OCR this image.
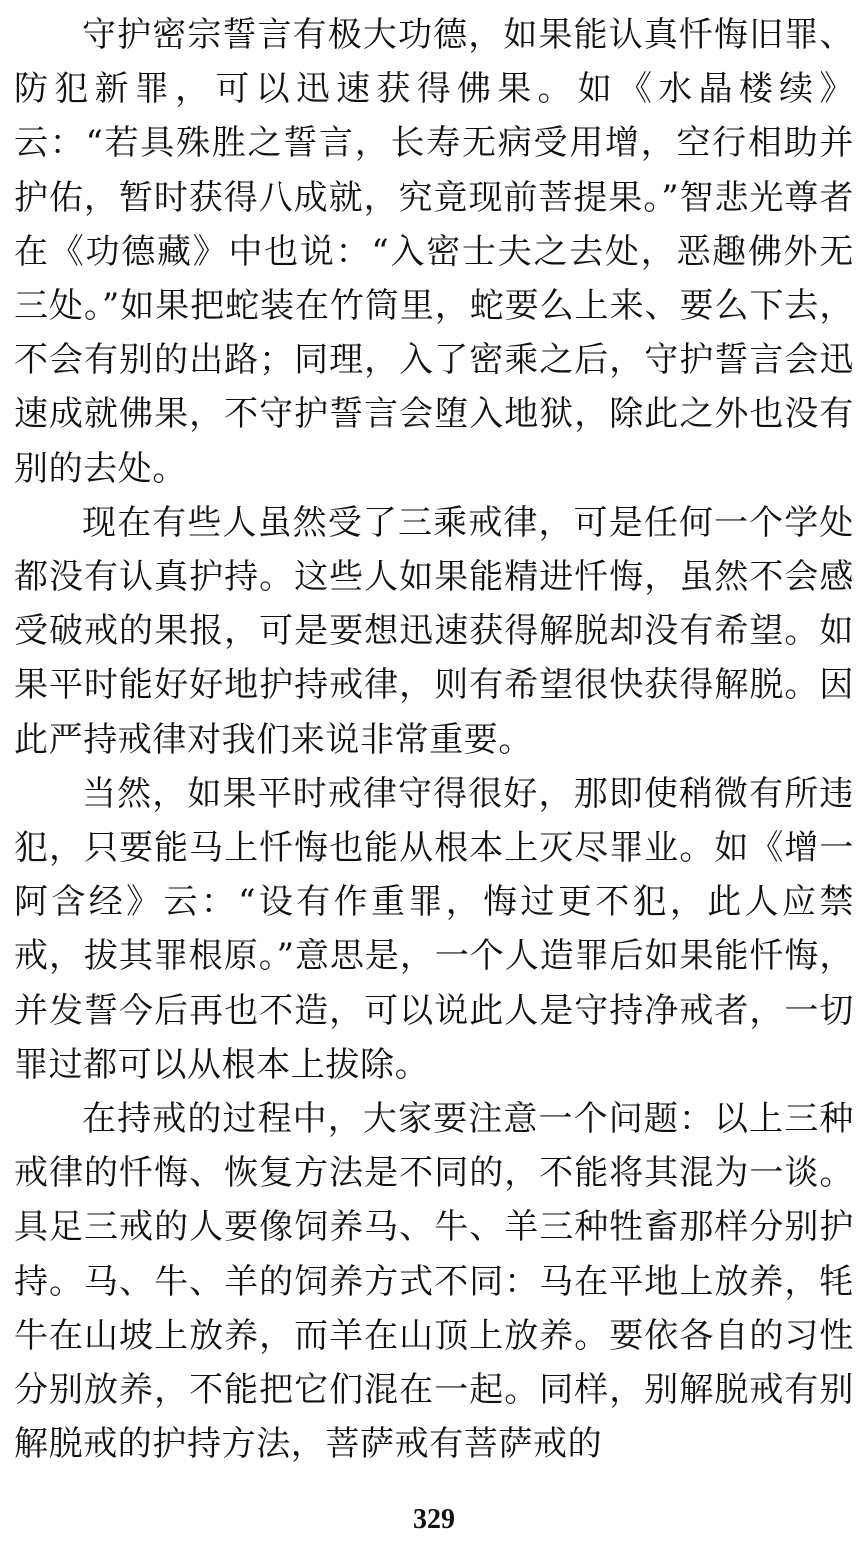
守护密宗誓言有极大功德，如果能认真忏悔旧罪、防犯新罪，可以迅速获得佛果。如《水晶楼续》云：“若具殊胜之誓言，长寿无病受用增，空行相助并护佑，暂时获得八成就，究竟现前菩提果。”智悲光尊者在《功德藏》中也说：“入密士夫之去处，恶趣佛外无三处。”如果把蛇装在竹筒里，蛇要么上来、要么下去，不会有别的出路；同理，入了密乘之后，守护誓言会迅速成就佛果，不守护誓言会堕入地狱，除此之外也没有别的去处。

现在有些人虽然受了三乘戒律，可是任何一个学处都没有认真护持。这些人如果能精进忏悔，虽然不会感受破戒的果报，可是要想迅速获得解脱却没有希望。如果平时能好好地护持戒律，则有希望很快获得解脱。因此严持戒律对我们来说非常重要。

当然，如果平时戒律守得很好，那即使稍微有所违犯，只要能马上忏悔也能从根本上灭尽罪业。如《增一阿含经》云：“设有作重罪，悔过更不犯，此人应禁戒，拔其罪根原。”意思是，一个人造罪后如果能忏悔，并发誓今后再也不造，可以说此人是守持净戒者，一切罪过都可以从根本上拔除。

在持戒的过程中，大家要注意一个问题：以上三种戒律的忏悔、恢复方法是不同的，不能将其混为一谈。具足三戒的人要像饲养马、牛、羊三种牲畜那样分别护持。马、牛、羊的饲养方式不同：马在平地上放养，牦牛在山坡上放养，而羊在山顶上放养。要依各自的习性分别放养，不能把它们混在一起。同样，别解脱戒有别解脱戒的护持方法，菩萨戒有菩萨戒的

329
